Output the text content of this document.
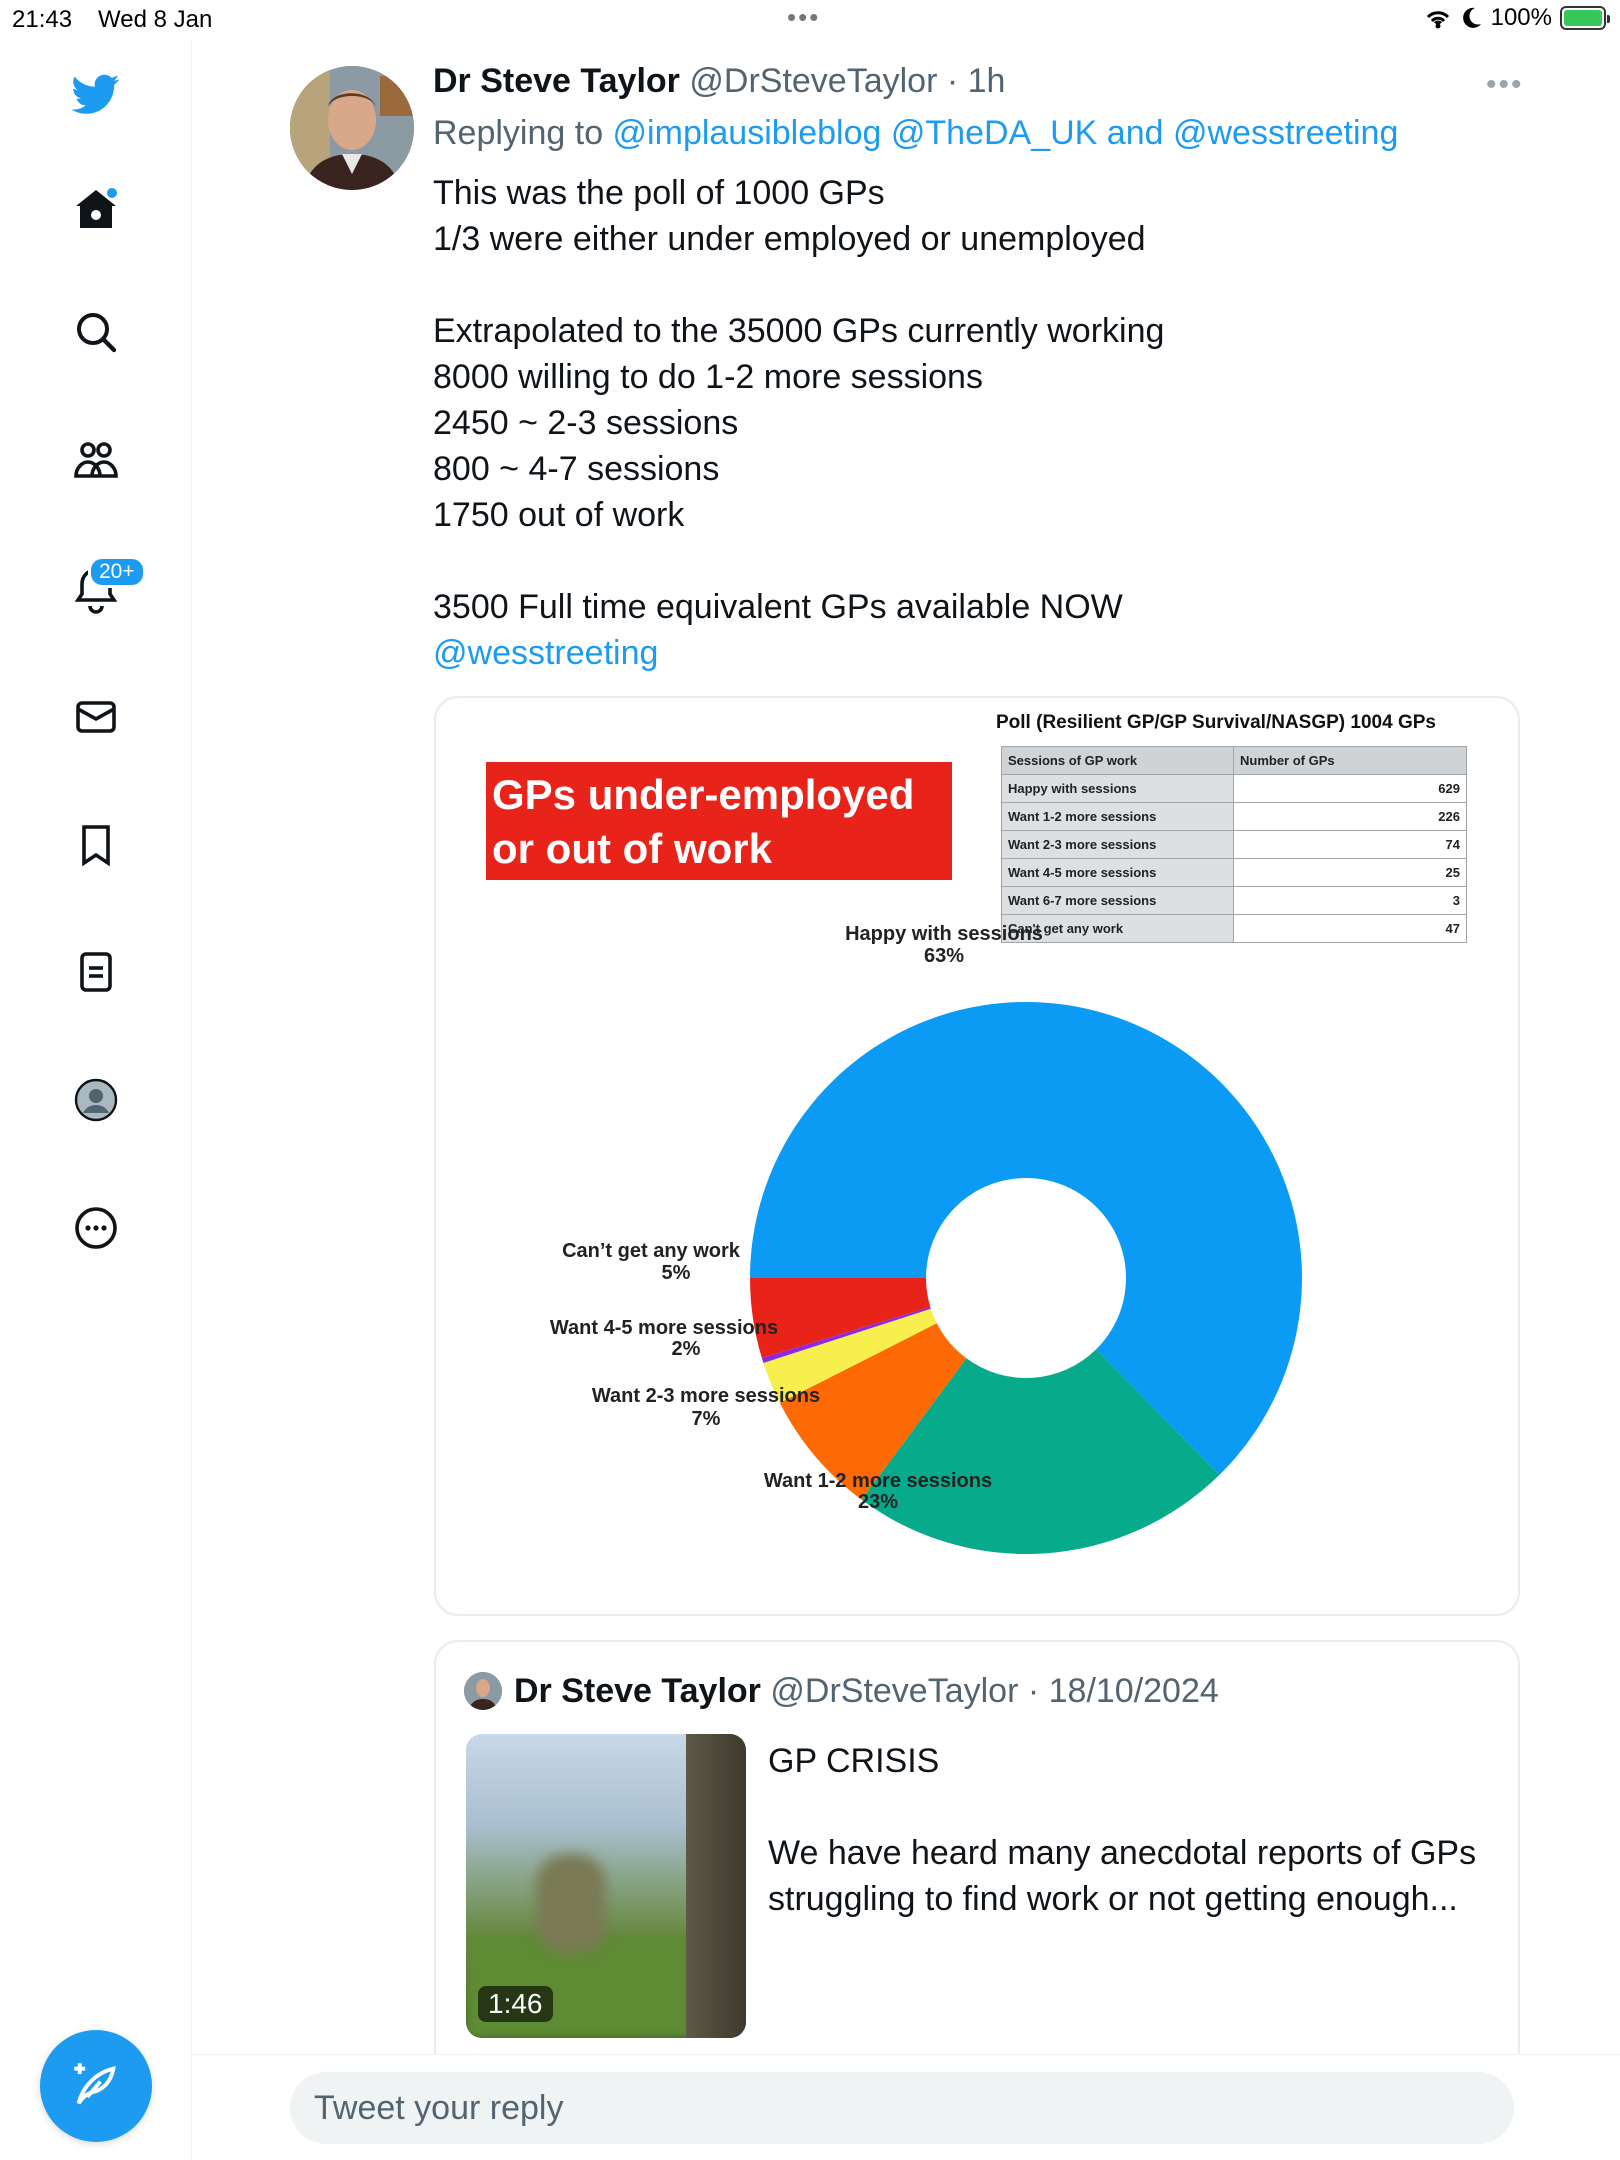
21:43 Wed 8 Jan	•••	100%
20+
Dr Steve Taylor @DrSteveTaylor · 1h	•••
Replying to @implausibleblog @TheDA_UK and @wesstreeting
This was the poll of 1000 GPs
1/3 were either under employed or unemployed
Extrapolated to the 35000 GPs currently working
8000 willing to do 1-2 more sessions
2450 ~ 2-3 sessions
800 ~ 4-7 sessions
1750 out of work
3500 Full time equivalent GPs available NOW
@wesstreeting
GPs under-employed
or out of work
Poll (Resilient GP/GP Survival/NASGP) 1004 GPs
Sessions of GP work	Number of GPs
Happy with sessions	629
Want 1-2 more sessions	226
Want 2-3 more sessions	74
Want 4-5 more sessions	25
Want 6-7 more sessions	3
Can't get any work	47
Happy with sessions
63%
Want 1-2 more sessions
23%
Want 2-3 more sessions
7%
Want 4-5 more sessions
2%
Can’t get any work
5%
Dr Steve Taylor @DrSteveTaylor · 18/10/2024
1:46
GP CRISIS
We have heard many anecdotal reports of GPs
struggling to find work or not getting enough...
Tweet your reply
